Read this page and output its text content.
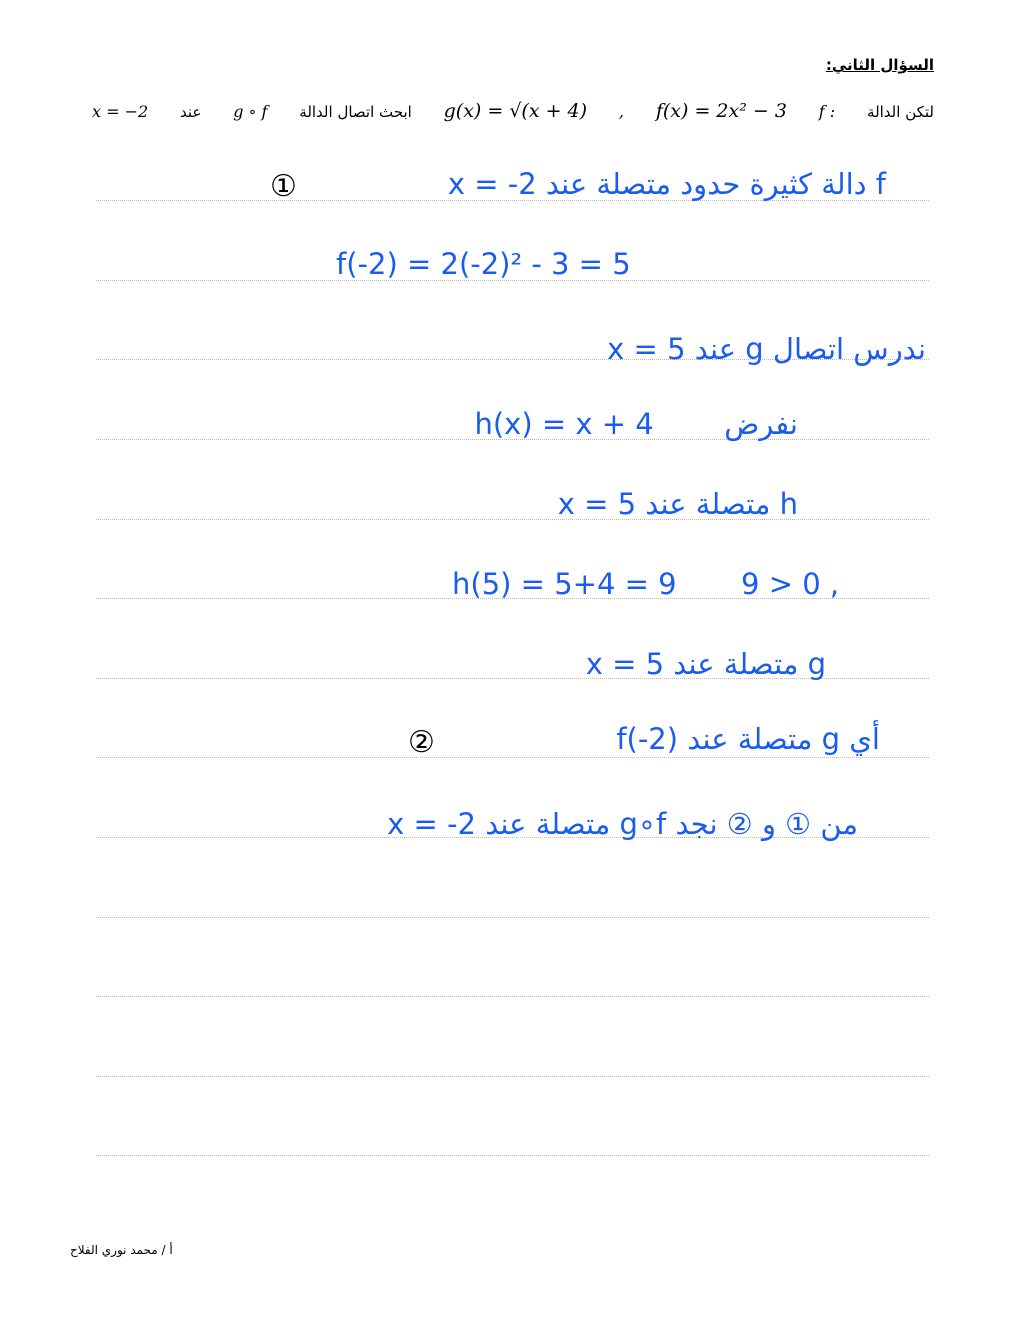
السؤال الثاني:
لتكن الدالة
f :
f(x) = 2x² − 3
,
g(x) = √(x + 4)
ابحث اتصال الدالة
g ∘ f
عند
x = −2
①	f دالة كثيرة حدود متصلة عند x = -2
f(-2) = 2(-2)² - 3 = 5
ندرس اتصال g عند x = 5
نفرض  h(x) = x + 4
h متصلة عند x = 5
h(5) = 5+4 = 9 9 > 0 ,
g متصلة عند x = 5
②	أي g متصلة عند f(-2)
من ① و ② نجد g∘f متصلة عند x = -2
أ / محمد نوري الفلاح
